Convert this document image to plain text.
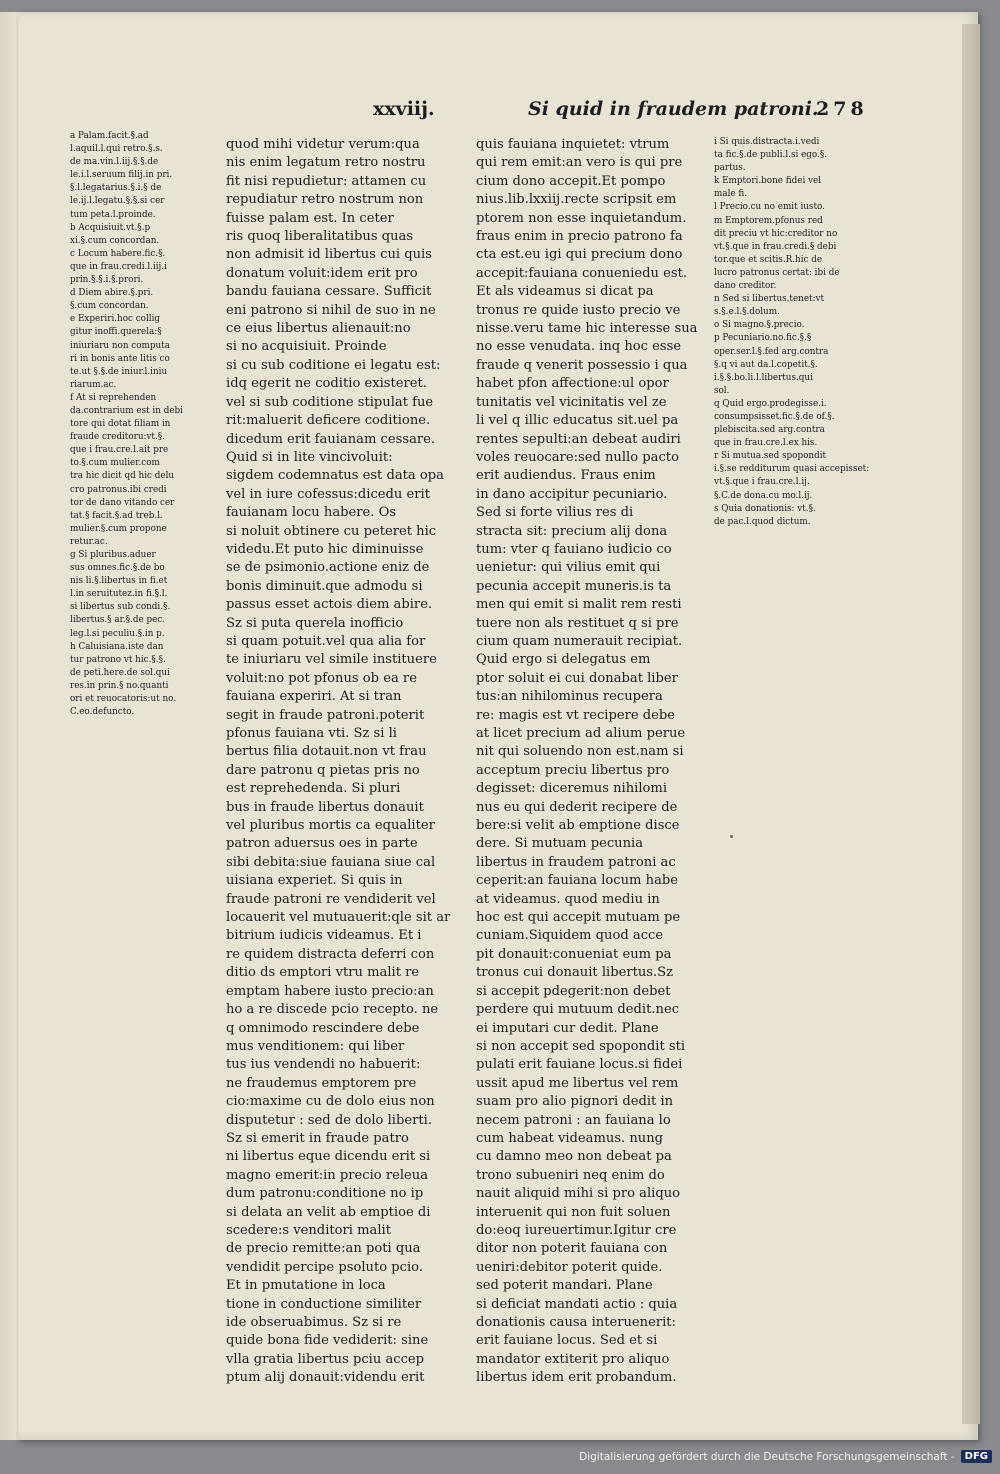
xxviij.	Si quid in fraudem patroni.
278
a Palam.facit.§.ad
l.aquil.l.qui retro.§.s.
de ma.vin.l.iij.§.§.de
le.i.l.seruum filij.in pri.
§.l.legatarius.§.i.§ de
le.ij.l.legatu.§.§.si cer
tum peta.l.proinde.
b Acquisiuit.vt.§.p
xi.§.cum concordan.
c Locum habere.fic.§.
que in frau.credi.l.iij.i
prin.§.§.i.§.prori.
d Diem abire.§.pri.
§.cum concordan.
e Experiri.hoc collig
gitur inoffi.querela:§
iniuriaru non computa
ri in bonis ante litis co
te.ut §.§.de iniur.l.iniu
riarum.ac.
f At si reprehenden
da.contrarium est in debi
tore qui dotat filiam in
fraude creditoru:vt.§.
que i frau.cre.l.ait pre
to.§.cum mulier.com
tra hic dicit qd hic delu
cro patronus.ibi credi
tor de dano vitando cer
tat.§ facit.§.ad treb.l.
mulier.§.cum propone
retur.ac.
g Si pluribus.aduer
sus omnes.fic.§.de bo
nis li.§.libertus in fi.et
l.in seruitutez.in fi.§.l.
si libertus sub condi.§.
libertus.§ ar.§.de pec.
leg.l.si peculiu.§.in p.
h Caluisiana.iste dan
tur patrono vt hic.§.§.
de peti.here.de sol.qui
res.in prin.§ no.quanti
ori et reuocatoris:ut no.
C.eo.defuncto.
quod mihi videtur verum:qua
nis enim legatum retro nostru
fit nisi repudietur: attamen cu
repudiatur retro nostrum non
fuisse palam est. In ceter
ris quoq liberalitatibus quas
non admisit id libertus cui quis
donatum voluit:idem erit pro
bandu fauiana cessare. Sufficit
eni patrono si nihil de suo in ne
ce eius libertus alienauit:no
si no acquisiuit. Proinde
si cu sub coditione ei legatu est:
idq egerit ne coditio existeret.
vel si sub coditione stipulat fue
rit:maluerit deficere coditione.
dicedum erit fauianam cessare.
Quid si in lite vincivoluit:
sigdem codemnatus est data opa
vel in iure cofessus:dicedu erit
fauianam locu habere. Os
si noluit obtinere cu peteret hic
videdu.Et puto hic diminuisse
se de psimonio.actione eniz de
bonis diminuit.que admodu si
passus esset actois diem abire.
Sz si puta querela inofficio
si quam potuit.vel qua alia for
te iniuriaru vel simile instituere
voluit:no pot pfonus ob ea re
fauiana experiri. At si tran
segit in fraude patroni.poterit
pfonus fauiana vti. Sz si li
bertus filia dotauit.non vt frau
dare patronu q pietas pris no
est reprehedenda. Si pluri
bus in fraude libertus donauit
vel pluribus mortis ca equaliter
patron aduersus oes in parte
sibi debita:siue fauiana siue cal
uisiana experiet. Si quis in
fraude patroni re vendiderit vel
locauerit vel mutuauerit:qle sit ar
bitrium iudicis videamus. Et i
re quidem distracta deferri con
ditio ds emptori vtru malit re
emptam habere iusto precio:an
ho a re discede pcio recepto. ne
q omnimodo rescindere debe
mus venditionem: qui liber
tus ius vendendi no habuerit:
ne fraudemus emptorem pre
cio:maxime cu de dolo eius non
disputetur : sed de dolo liberti.
Sz si emerit in fraude patro
ni libertus eque dicendu erit si
magno emerit:in precio releua
dum patronu:conditione no ip
si delata an velit ab emptioe di
scedere:s venditori malit
de precio remitte:an poti qua
vendidit percipe psoluto pcio.
Et in pmutatione in loca
tione in conductione similiter
ide obseruabimus. Sz si re
quide bona fide vediderit: sine
vlla gratia libertus pciu accep
ptum alij donauit:videndu erit
quis fauiana inquietet: vtrum
qui rem emit:an vero is qui pre
cium dono accepit.Et pompo
nius.lib.lxxiij.recte scripsit em
ptorem non esse inquietandum.
fraus enim in precio patrono fa
cta est.eu igi qui precium dono
accepit:fauiana conueniedu est.
Et als videamus si dicat pa
tronus re quide iusto precio ve
nisse.veru tame hic interesse sua
no esse venudata. inq hoc esse
fraude q venerit possessio i qua
habet pfon affectione:ul opor
tunitatis vel vicinitatis vel ze
li vel q illic educatus sit.uel pa
rentes sepulti:an debeat audiri
voles reuocare:sed nullo pacto
erit audiendus. Fraus enim
in dano accipitur pecuniario.
Sed si forte vilius res di
stracta sit: precium alij dona
tum: vter q fauiano iudicio co
uenietur: qui vilius emit qui
pecunia accepit muneris.is ta
men qui emit si malit rem resti
tuere non als restituet q si pre
cium quam numerauit recipiat.
Quid ergo si delegatus em
ptor soluit ei cui donabat liber
tus:an nihilominus recupera
re: magis est vt recipere debe
at licet precium ad alium perue
nit qui soluendo non est.nam si
acceptum preciu libertus pro
degisset: diceremus nihilomi
nus eu qui dederit recipere de
bere:si velit ab emptione disce
dere. Si mutuam pecunia
libertus in fraudem patroni ac
ceperit:an fauiana locum habe
at videamus. quod mediu in
hoc est qui accepit mutuam pe
cuniam.Siquidem quod acce
pit donauit:conueniat eum pa
tronus cui donauit libertus.Sz
si accepit pdegerit:non debet
perdere qui mutuum dedit.nec
ei imputari cur dedit. Plane
si non accepit sed spopondit sti
pulati erit fauiane locus.si fidei
ussit apud me libertus vel rem
suam pro alio pignori dedit in
necem patroni : an fauiana lo
cum habeat videamus. nung
cu damno meo non debeat pa
trono subueniri neq enim do
nauit aliquid mihi si pro aliquo
interuenit qui non fuit soluen
do:eoq iureuertimur.Igitur cre
ditor non poterit fauiana con
ueniri:debitor poterit quide.
sed poterit mandari. Plane
si deficiat mandati actio : quia
donationis causa interuenerit:
erit fauiane locus. Sed et si
mandator extiterit pro aliquo
libertus idem erit probandum.
i Si quis.distracta.i.vedi
ta fic.§.de publi.l.si ego.§.
partus.
k Emptori.bone fidei vel
male fi.
l Precio.cu no emit iusto.
m Emptorem.pfonus red
dit preciu vt hic:creditor no
vt.§.que in frau.credi.§ debi
tor.que et scitis.R.hic de
lucro patronus certat: ibi de
dano creditor.
n Sed si libertus.tenet:vt
s.§.e.l.§.dolum.
o Si magno.§.precio.
p Pecuniario.no.fic.§.§
oper.ser.l.§.fed arg.contra
§.q vi aut da.l.copetit.§.
i.§.§.bo.li.l.libertus.qui
sol.
q Quid ergo.prodegisse.i.
consumpsisset.fic.§.de of.§.
plebiscita.sed arg.contra
que in frau.cre.l.ex his.
r Si mutua.sed spopondit
i.§.se redditurum quasi accepisset:
vt.§.que i frau.cre.l.ij.
§.C.de dona.cu mo.l.ij.
s Quia donationis: vt.§.
de pac.l.quod dictum.
Digitalisierung gefördert durch die Deutsche Forschungsgemeinschaft -	DFG
